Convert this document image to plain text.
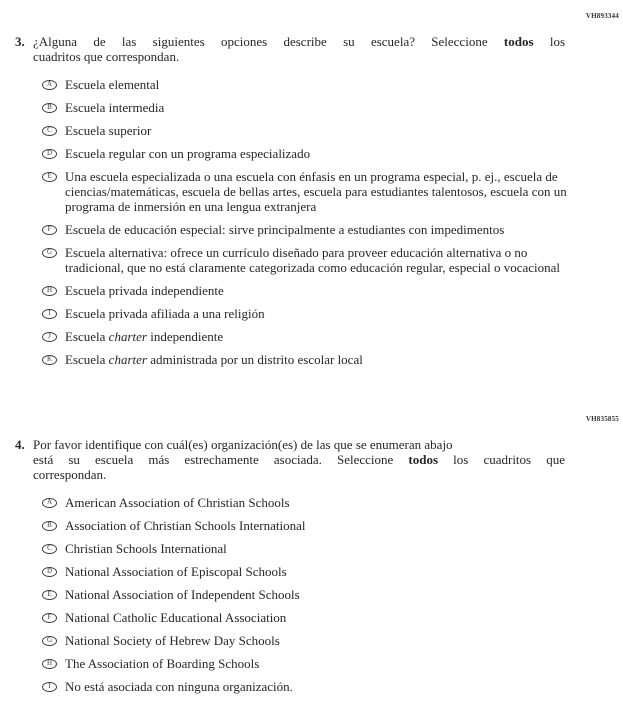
VH893344
3. ¿Alguna de las siguientes opciones describe su escuela? Seleccione todos los
cuadritos que correspondan.
A Escuela elemental
B Escuela intermedia
C Escuela superior
D Escuela regular con un programa especializado
E Una escuela especializada o una escuela con énfasis en un programa especial, p. ej., escuela de ciencias/matemáticas, escuela de bellas artes, escuela para estudiantes talentosos, escuela con un programa de inmersión en una lengua extranjera
F Escuela de educación especial: sirve principalmente a estudiantes con impedimentos
G Escuela alternativa: ofrece un currículo diseñado para proveer educación alternativa o no tradicional, que no está claramente categorizada como educación regular, especial o vocacional
H Escuela privada independiente
I Escuela privada afiliada a una religión
J Escuela charter independiente
K Escuela charter administrada por un distrito escolar local
VH835855
4. Por favor identifique con cuál(es) organización(es) de las que se enumeran abajo
está su escuela más estrechamente asociada. Seleccione todos los cuadritos que
correspondan.
A American Association of Christian Schools
B Association of Christian Schools International
C Christian Schools International
D National Association of Episcopal Schools
E National Association of Independent Schools
F National Catholic Educational Association
G National Society of Hebrew Day Schools
H The Association of Boarding Schools
I No está asociada con ninguna organización.
